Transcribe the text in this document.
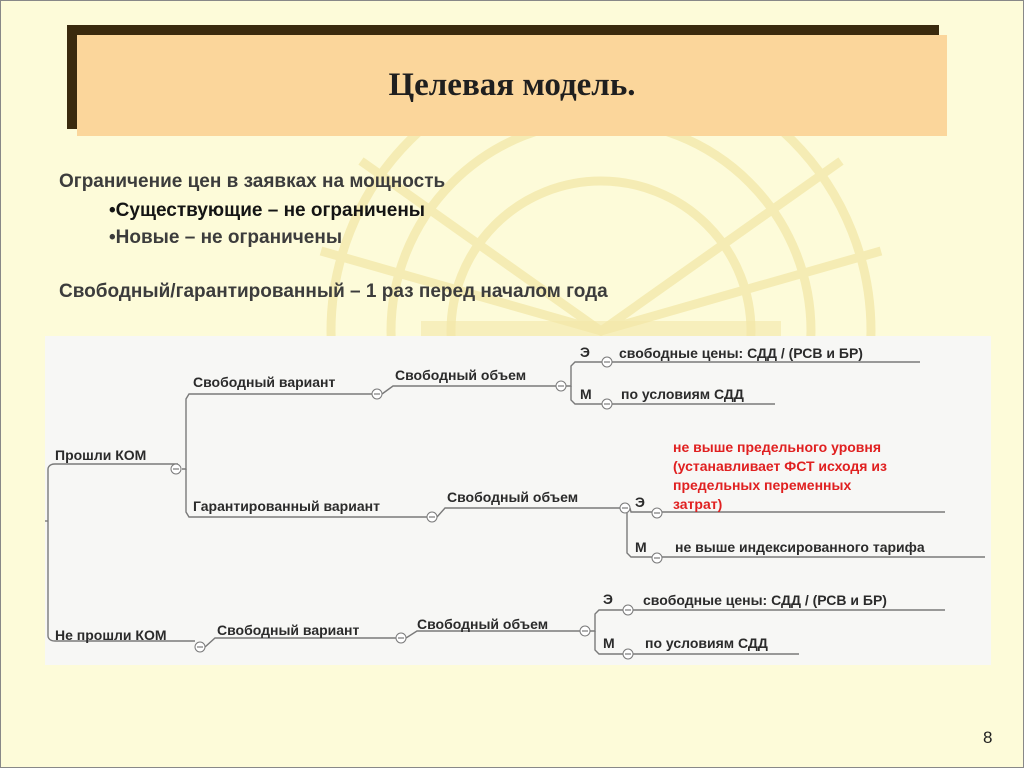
Целевая модель.
Ограничение цен в заявках на мощность
•Существующие – не ограничены
•Новые – не ограничены
Свободный/гарантированный – 1 раз перед началом года
Прошли КОМ
Свободный вариант	Свободный объем
Э свободные цены: СДД / (РСВ и БР)
М по условиям СДД
Гарантированный вариант
Свободный объем	Э
не выше предельного уровня
(устанавливает ФСТ исходя из
предельных переменных
затрат)
М не выше индексированного тарифа
Не прошли КОМ	Свободный вариант	Свободный объем
Э свободные цены: СДД / (РСВ и БР)
М по условиям СДД
8
